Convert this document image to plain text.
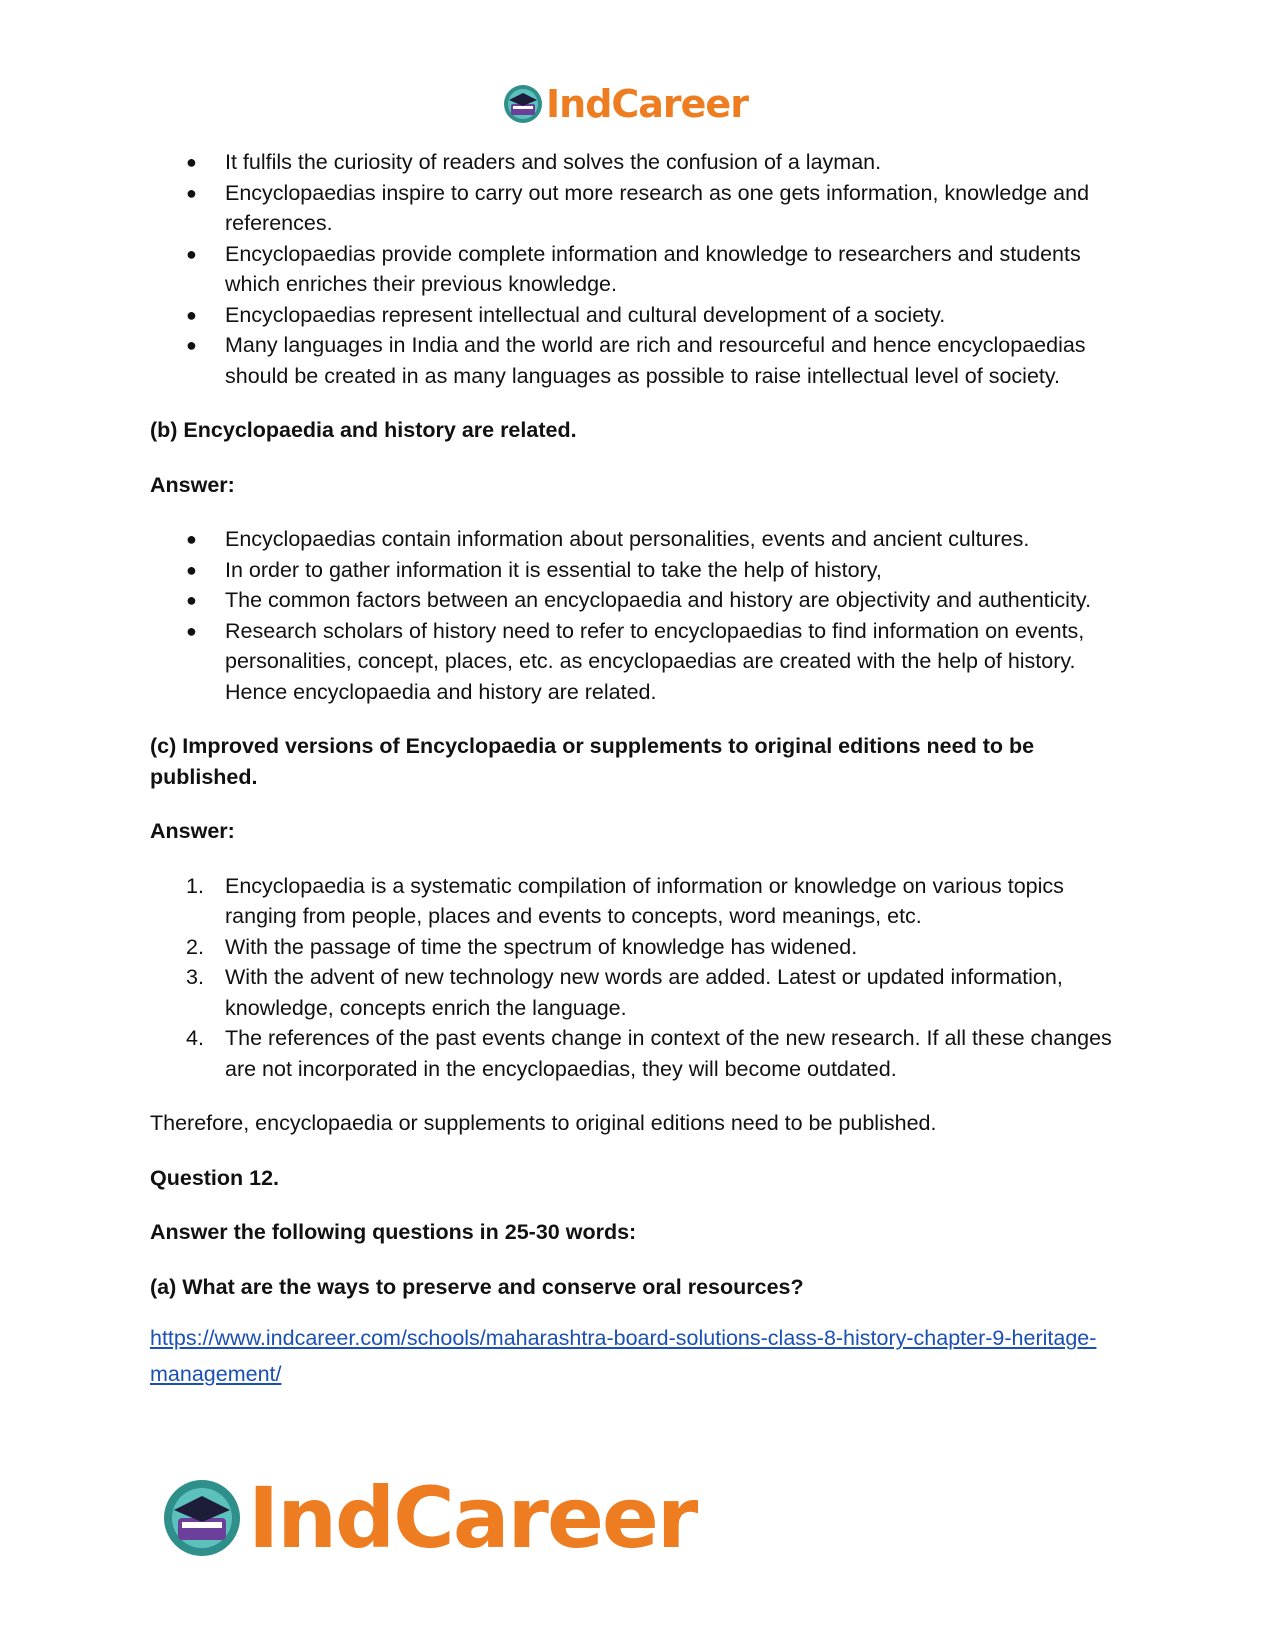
IndCareer
● It fulfils the curiosity of readers and solves the confusion of a layman.
● Encyclopaedias inspire to carry out more research as one gets information, knowledge and references.
● Encyclopaedias provide complete information and knowledge to researchers and students which enriches their previous knowledge.
● Encyclopaedias represent intellectual and cultural development of a society.
● Many languages in India and the world are rich and resourceful and hence encyclopaedias should be created in as many languages as possible to raise intellectual level of society.

(b) Encyclopaedia and history are related.

Answer:

● Encyclopaedias contain information about personalities, events and ancient cultures.
● In order to gather information it is essential to take the help of history,
● The common factors between an encyclopaedia and history are objectivity and authenticity.
● Research scholars of history need to refer to encyclopaedias to find information on events, personalities, concept, places, etc. as encyclopaedias are created with the help of history. Hence encyclopaedia and history are related.

(c) Improved versions of Encyclopaedia or supplements to original editions need to be published.

Answer:

1. Encyclopaedia is a systematic compilation of information or knowledge on various topics ranging from people, places and events to concepts, word meanings, etc.
2. With the passage of time the spectrum of knowledge has widened.
3. With the advent of new technology new words are added. Latest or updated information, knowledge, concepts enrich the language.
4. The references of the past events change in context of the new research. If all these changes are not incorporated in the encyclopaedias, they will become outdated.

Therefore, encyclopaedia or supplements to original editions need to be published.

Question 12.

Answer the following questions in 25-30 words:

(a) What are the ways to preserve and conserve oral resources?

https://www.indcareer.com/schools/maharashtra-board-solutions-class-8-history-chapter-9-heritage-management/

IndCareer
